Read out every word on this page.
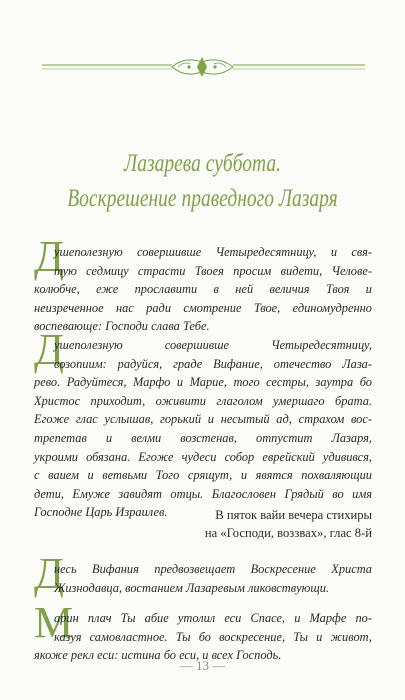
Лазарева суббота.
Воскрешение праведного Лазаря
Д
ушеполезную совершивше Четыредесятницу, и свя-
тую седмицу страсти Твоея просим видети, Челове-
колюбче, еже прославити в ней величия Твоя и
неизреченное нас ради смотрение Твое, единомудренно
воспевающе: Господи слава Тебе.
Д
ушеполезную совершивше Четыредесятницу,
возопиим: радуйся, граде Вифание, отечество Лаза-
рево. Радуйтеся, Марфо и Марие, того сестры, заутра бо
Христос приходит, оживити глаголом умершаго брата.
Егоже глас услышав, горький и несытый ад, страхом вос-
трепетав и велми возстенав, отпустит Лазаря,
укроими обязана. Егоже чудеси собор еврейский удивився,
с ваием и ветвьми Того срящут, и явятся похваляющии
дети, Емуже завидят отцы. Благословен Грядый во имя
Господне Царь Израилев.	В пяток вайи вечера стихиры
на «Господи, воззвах», глас 8-й
Д
несь Вифания предвозвещает Воскресение Христа
Жизнодавца, востанием Лазаревым ликовствующи.
М
арин плач Ты абие утолил еси Спасе, и Марфе по-
казуя самовластное. Ты бо воскресение, Ты и живот,
якоже рекл еси: истина бо еси, и всех Господь.
— 13 —
